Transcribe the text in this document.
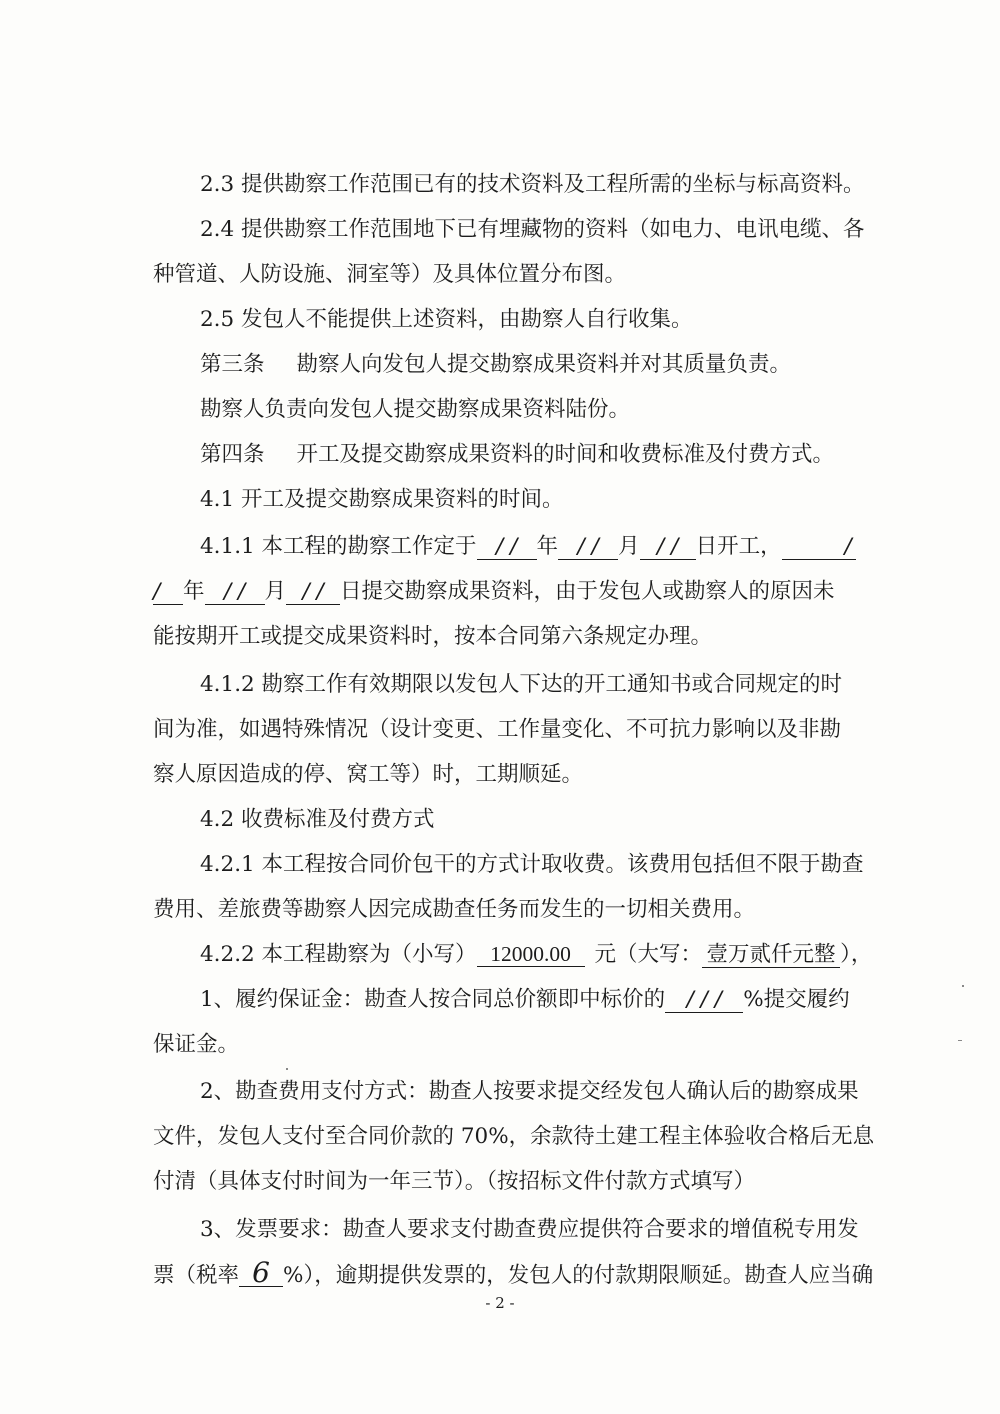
2.3 提供勘察工作范围已有的技术资料及工程所需的坐标与标高资料。
2.4 提供勘察工作范围地下已有埋藏物的资料（如电力、电讯电缆、各
种管道、人防设施、洞室等）及具体位置分布图。
2.5 发包人不能提供上述资料，由勘察人自行收集。
第三条 勘察人向发包人提交勘察成果资料并对其质量负责。
勘察人负责向发包人提交勘察成果资料陆份。
第四条 开工及提交勘察成果资料的时间和收费标准及付费方式。
4.1 开工及提交勘察成果资料的时间。
4.1.1 本工程的勘察工作定于 / / 年 / / 月 / / 日开工，	/
/ 年 / / 月 / / 日提交勘察成果资料，由于发包人或勘察人的原因未
能按期开工或提交成果资料时，按本合同第六条规定办理。
4.1.2 勘察工作有效期限以发包人下达的开工通知书或合同规定的时
间为准，如遇特殊情况（设计变更、工作量变化、不可抗力影响以及非勘
察人原因造成的停、窝工等）时，工期顺延。
4.2 收费标准及付费方式
4.2.1 本工程按合同价包干的方式计取收费。该费用包括但不限于勘查
费用、差旅费等勘察人因完成勘查任务而发生的一切相关费用。
4.2.2 本工程勘察为（小写） 12000.00 元（大写： 壹万贰仟元整 ），
1、履约保证金：勘查人按合同总价额即中标价的 / / / %提交履约
保证金。
2、勘查费用支付方式：勘查人按要求提交经发包人确认后的勘察成果
文件，发包人支付至合同价款的 70%，余款待土建工程主体验收合格后无息
付清（具体支付时间为一年三节）。（按招标文件付款方式填写）
3、发票要求：勘查人要求支付勘查费应提供符合要求的增值税专用发
票（税率 6 %），逾期提供发票的，发包人的付款期限顺延。勘查人应当确
- 2 -
